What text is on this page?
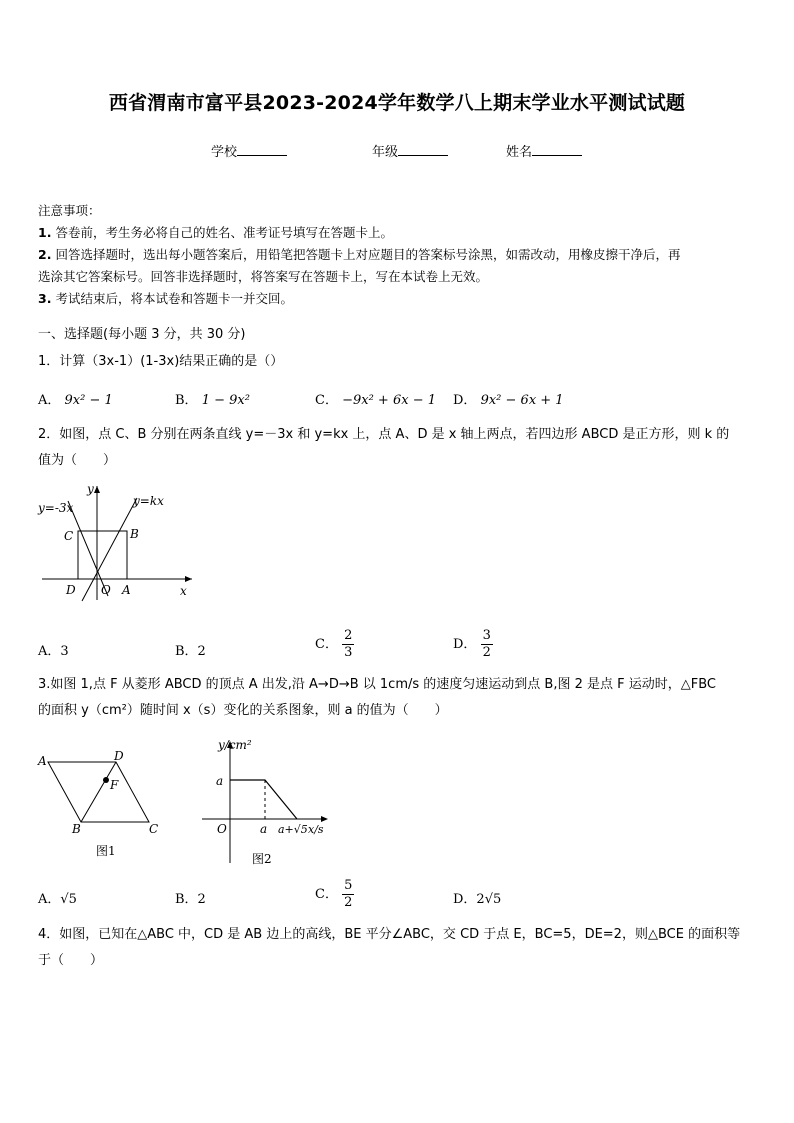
西省渭南市富平县2023-2024学年数学八上期末学业水平测试试题
学校	年级	姓名
注意事项：
1. 答卷前，考生务必将自己的姓名、准考证号填写在答题卡上。
2. 回答选择题时，选出每小题答案后，用铅笔把答题卡上对应题目的答案标号涂黑，如需改动，用橡皮擦干净后，再
选涂其它答案标号。回答非选择题时，将答案写在答题卡上，写在本试卷上无效。
3. 考试结束后，将本试卷和答题卡一并交回。
一、选择题(每小题 3 分，共 30 分)
1．计算（3x-1）(1-3x)结果正确的是（）
A． 9x² − 1	B． 1 − 9x²	C． −9x² + 6x − 1 D． 9x² − 6x + 1
2．如图，点 C、B 分别在两条直线 y=－3x 和 y=kx 上，点 A、D 是 x 轴上两点，若四边形 ABCD 是正方形，则 k 的
值为（　　）
y=-3x	y=kx
y
x
C	B
D O A
A．3	B．2	C． $\frac{2}{3}$	D． $\frac{3}{2}$
3.如图 1,点 F 从菱形 ABCD 的顶点 A 出发,沿 A→D→B 以 1cm/s 的速度匀速运动到点 B,图 2 是点 F 运动时，△FBC
的面积 y（cm²）随时间 x（s）变化的关系图象，则 a 的值为（　　）
A	D
F
B	C
图1
y/cm²
a
O	a a+√5 x/s
图2
A．√5	B．2	C． $\frac{5}{2}$	D．2√5
4．如图，已知在△ABC 中，CD 是 AB 边上的高线，BE 平分∠ABC，交 CD 于点 E，BC=5，DE=2，则△BCE 的面积等
于（　　）
